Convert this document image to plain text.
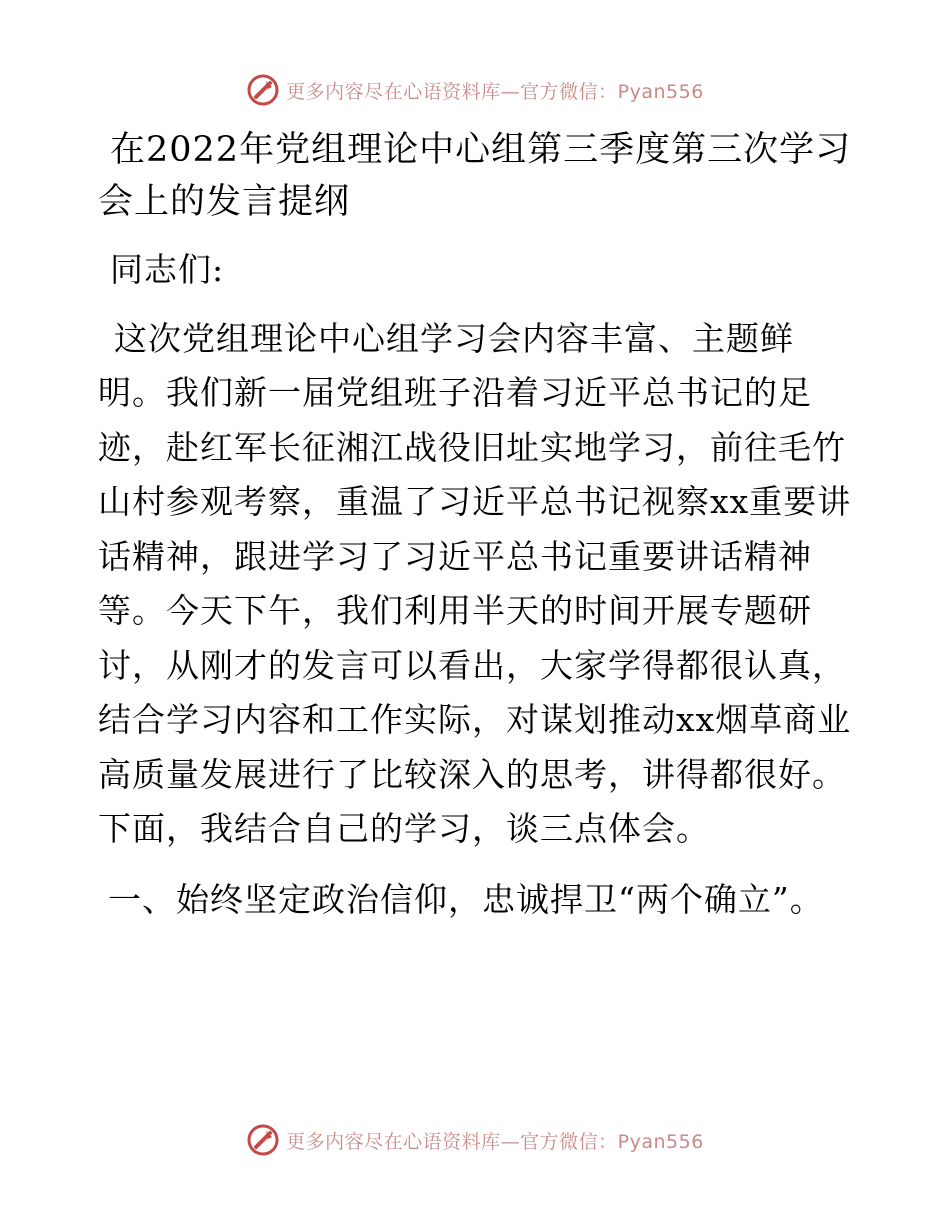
更多内容尽在心语资料库—官方微信：Pyan556

在2022年党组理论中心组第三季度第三次学习会上的发言提纲

同志们:

这次党组理论中心组学习会内容丰富、主题鲜明。我们新一届党组班子沿着习近平总书记的足迹，赴红军长征湘江战役旧址实地学习，前往毛竹山村参观考察，重温了习近平总书记视察xx重要讲话精神，跟进学习了习近平总书记重要讲话精神等。今天下午，我们利用半天的时间开展专题研讨，从刚才的发言可以看出，大家学得都很认真，结合学习内容和工作实际，对谋划推动xx烟草商业高质量发展进行了比较深入的思考，讲得都很好。下面，我结合自己的学习，谈三点体会。

一、始终坚定政治信仰，忠诚捍卫“两个确立”。

更多内容尽在心语资料库—官方微信：Pyan556
